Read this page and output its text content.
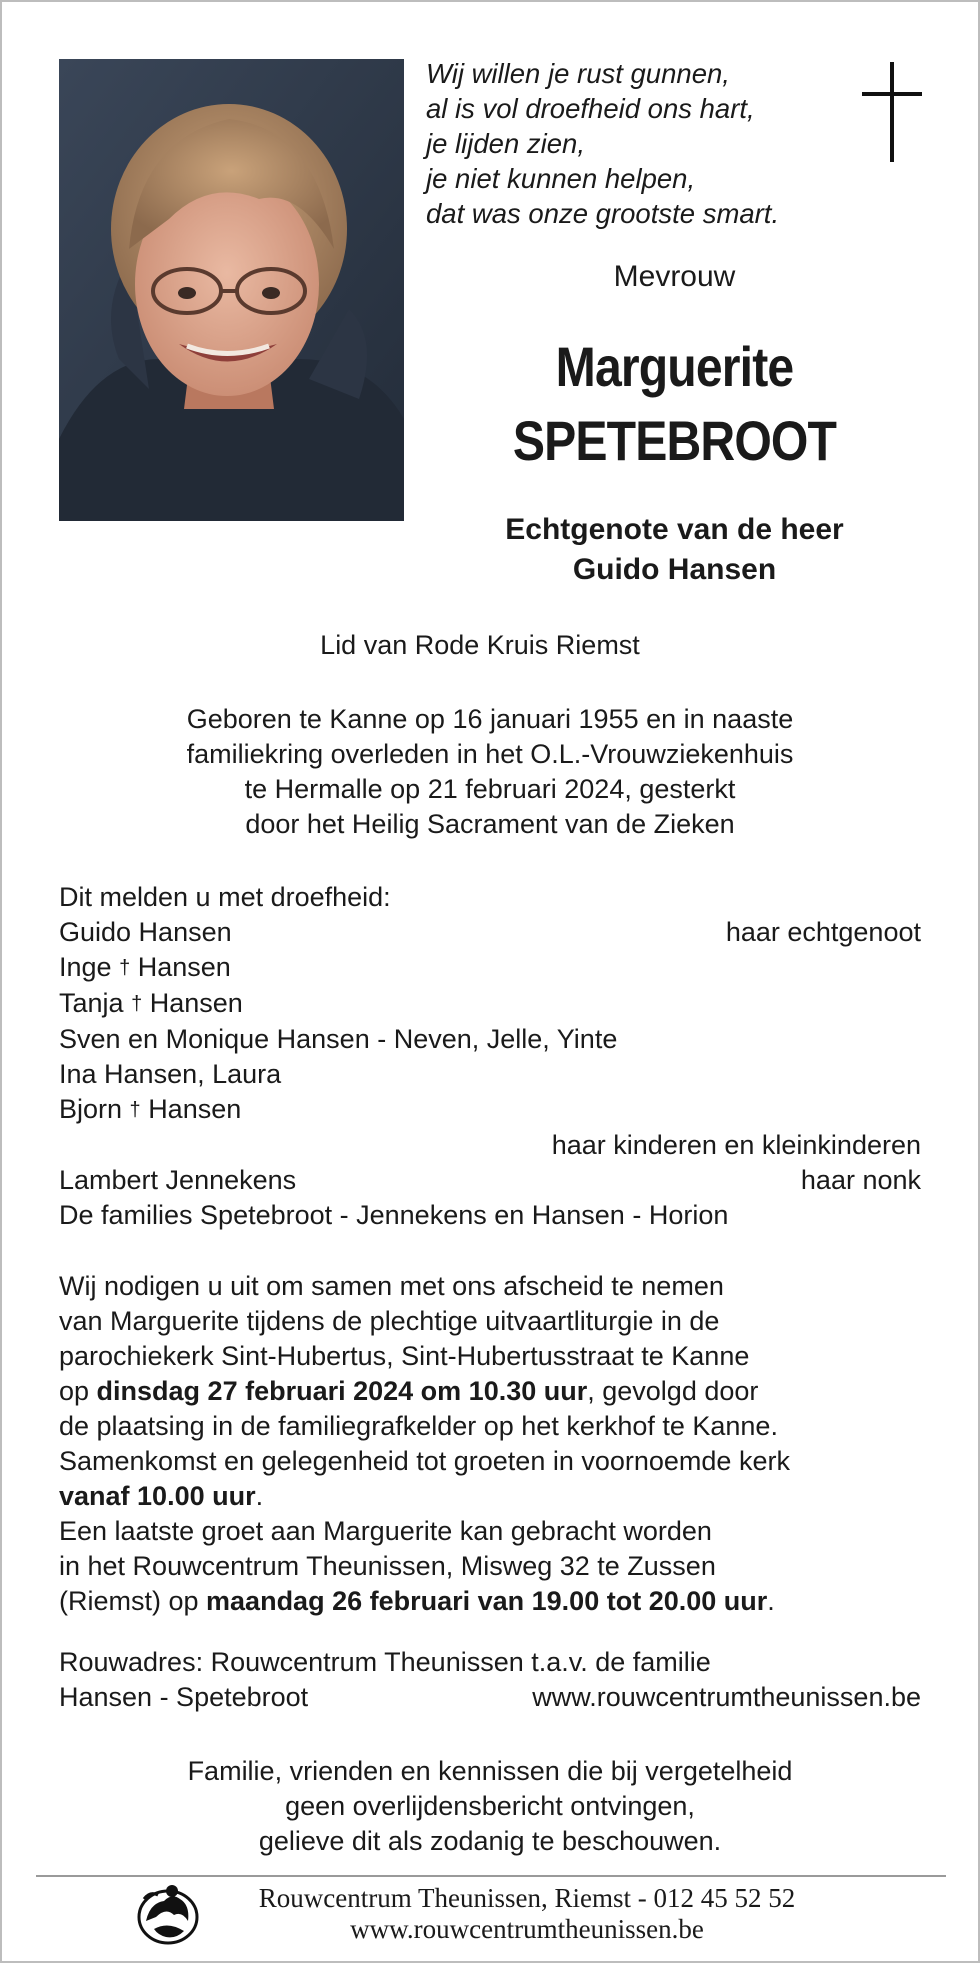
Wij willen je rust gunnen,
al is vol droefheid ons hart,
je lijden zien,
je niet kunnen helpen,
dat was onze grootste smart.
Mevrouw
Marguerite
SPETEBROOT
Echtgenote van de heer
Guido Hansen
Lid van Rode Kruis Riemst
Geboren te Kanne op 16 januari 1955 en in naaste
familiekring overleden in het O.L.-Vrouwziekenhuis
te Hermalle op 21 februari 2024, gesterkt
door het Heilig Sacrament van de Zieken
Dit melden u met droefheid:
Guido Hansen	haar echtgenoot
Inge † Hansen
Tanja † Hansen
Sven en Monique Hansen - Neven, Jelle, Yinte
Ina Hansen, Laura
Bjorn † Hansen
haar kinderen en kleinkinderen
Lambert Jennekens	haar nonk
De families Spetebroot - Jennekens en Hansen - Horion
Wij nodigen u uit om samen met ons afscheid te nemen
van Marguerite tijdens de plechtige uitvaartliturgie in de
parochiekerk Sint-Hubertus, Sint-Hubertusstraat te Kanne
op dinsdag 27 februari 2024 om 10.30 uur, gevolgd door
de plaatsing in de familiegrafkelder op het kerkhof te Kanne.
Samenkomst en gelegenheid tot groeten in voornoemde kerk
vanaf 10.00 uur.
Een laatste groet aan Marguerite kan gebracht worden
in het Rouwcentrum Theunissen, Misweg 32 te Zussen
(Riemst) op maandag 26 februari van 19.00 tot 20.00 uur.
Rouwadres: Rouwcentrum Theunissen t.a.v. de familie
Hansen - Spetebroot	www.rouwcentrumtheunissen.be
Familie, vrienden en kennissen die bij vergetelheid
geen overlijdensbericht ontvingen,
gelieve dit als zodanig te beschouwen.
Rouwcentrum Theunissen, Riemst - 012 45 52 52
www.rouwcentrumtheunissen.be
